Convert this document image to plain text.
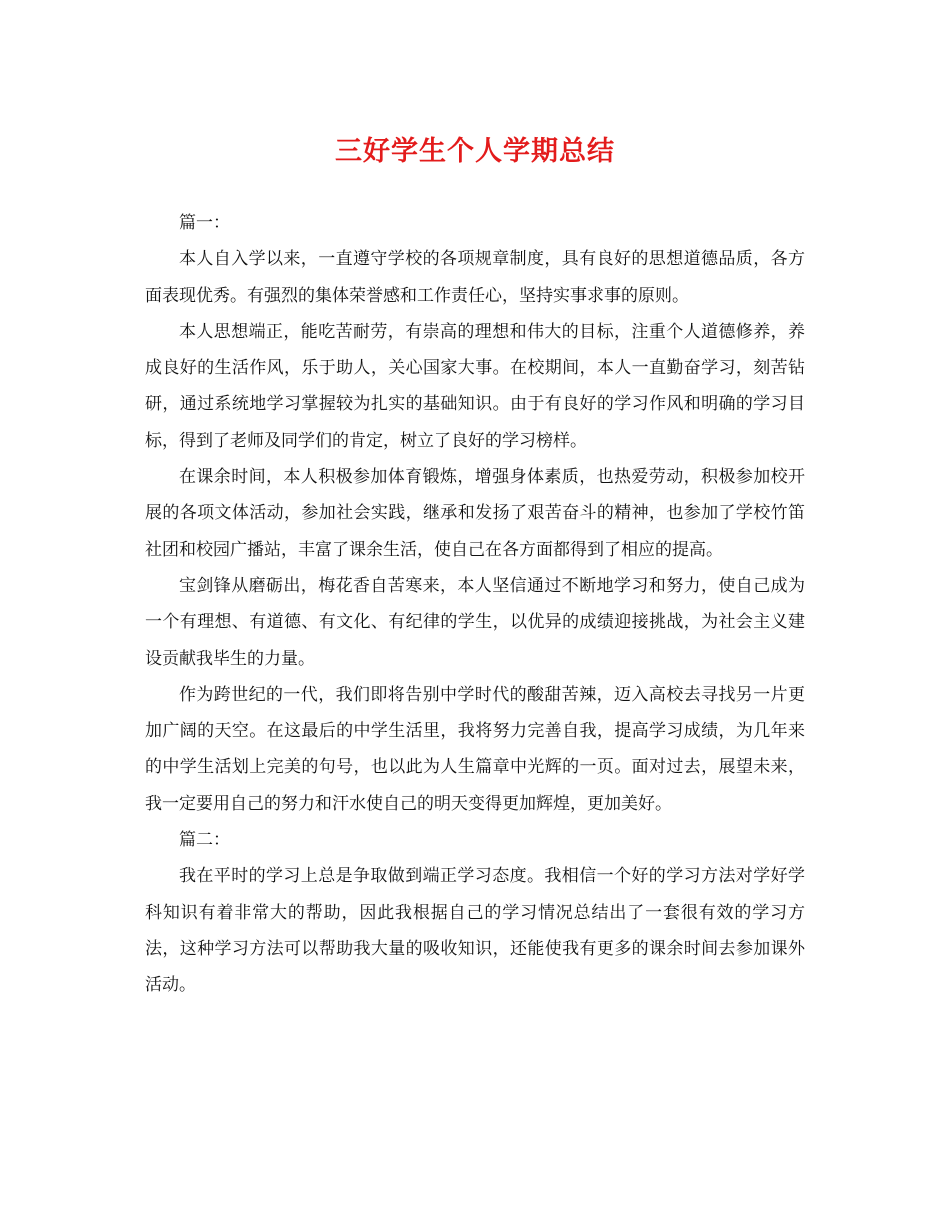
三好学生个人学期总结

篇一：

本人自入学以来，一直遵守学校的各项规章制度，具有良好的思想道德品质，各方面表现优秀。有强烈的集体荣誉感和工作责任心，坚持实事求事的原则。

本人思想端正，能吃苦耐劳，有崇高的理想和伟大的目标，注重个人道德修养，养成良好的生活作风，乐于助人，关心国家大事。在校期间，本人一直勤奋学习，刻苦钻研，通过系统地学习掌握较为扎实的基础知识。由于有良好的学习作风和明确的学习目标，得到了老师及同学们的肯定，树立了良好的学习榜样。

在课余时间，本人积极参加体育锻炼，增强身体素质，也热爱劳动，积极参加校开展的各项文体活动，参加社会实践，继承和发扬了艰苦奋斗的精神，也参加了学校竹笛社团和校园广播站，丰富了课余生活，使自己在各方面都得到了相应的提高。

宝剑锋从磨砺出，梅花香自苦寒来，本人坚信通过不断地学习和努力，使自己成为一个有理想、有道德、有文化、有纪律的学生，以优异的成绩迎接挑战，为社会主义建设贡献我毕生的力量。

作为跨世纪的一代，我们即将告别中学时代的酸甜苦辣，迈入高校去寻找另一片更加广阔的天空。在这最后的中学生活里，我将努力完善自我，提高学习成绩，为几年来的中学生活划上完美的句号，也以此为人生篇章中光辉的一页。面对过去，展望未来，我一定要用自己的努力和汗水使自己的明天变得更加辉煌，更加美好。

篇二：

我在平时的学习上总是争取做到端正学习态度。我相信一个好的学习方法对学好学科知识有着非常大的帮助，因此我根据自己的学习情况总结出了一套很有效的学习方法，这种学习方法可以帮助我大量的吸收知识，还能使我有更多的课余时间去参加课外活动。
